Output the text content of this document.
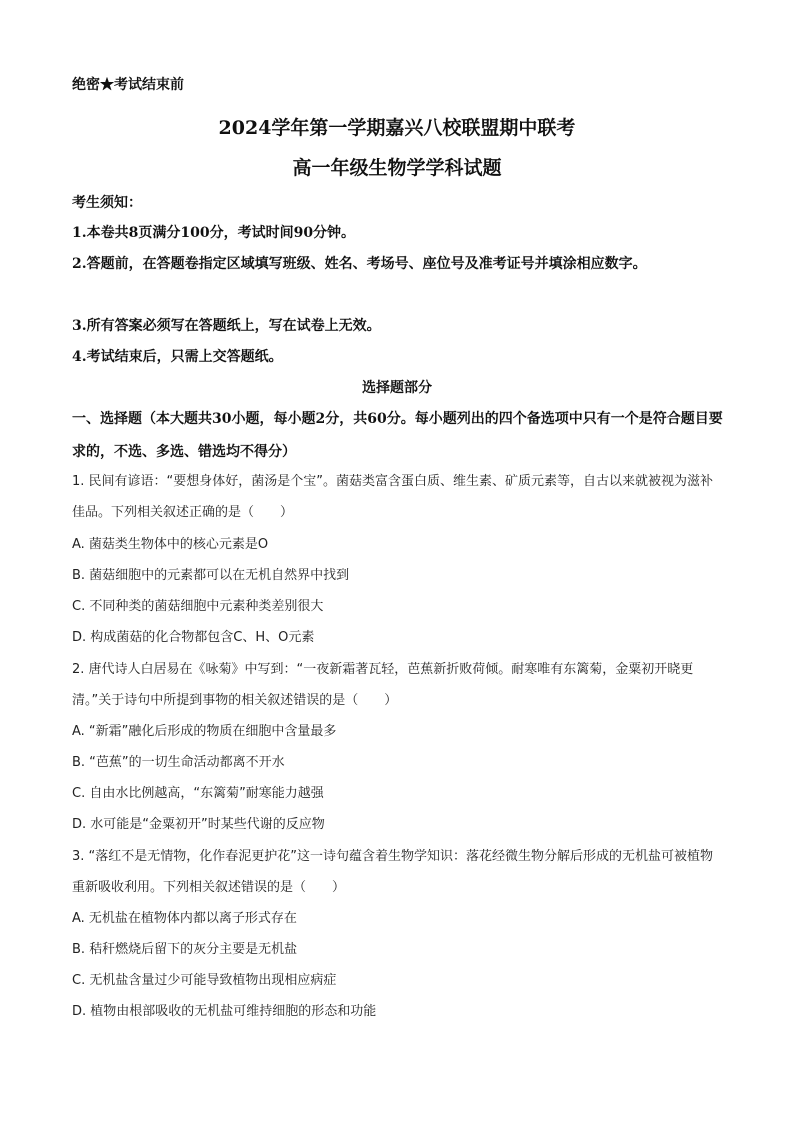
绝密★考试结束前
2024学年第一学期嘉兴八校联盟期中联考
高一年级生物学学科试题
考生须知：
1.本卷共8页满分100分，考试时间90分钟。
2.答题前，在答题卷指定区域填写班级、姓名、考场号、座位号及准考证号并填涂相应数字。
3.所有答案必须写在答题纸上，写在试卷上无效。
4.考试结束后，只需上交答题纸。
选择题部分
一、选择题（本大题共30小题，每小题2分，共60分。每小题列出的四个备选项中只有一个是符合题目要求的，不选、多选、错选均不得分）
1. 民间有谚语：“要想身体好，菌汤是个宝”。菌菇类富含蛋白质、维生素、矿质元素等，自古以来就被视为滋补佳品。下列相关叙述正确的是（　　）
A. 菌菇类生物体中的核心元素是O
B. 菌菇细胞中的元素都可以在无机自然界中找到
C. 不同种类的菌菇细胞中元素种类差别很大
D. 构成菌菇的化合物都包含C、H、O元素
2. 唐代诗人白居易在《咏菊》中写到：“一夜新霜著瓦轻，芭蕉新折败荷倾。耐寒唯有东篱菊，金粟初开晓更清。”关于诗句中所提到事物的相关叙述错误的是（　　）
A. “新霜”融化后形成的物质在细胞中含量最多
B. “芭蕉”的一切生命活动都离不开水
C. 自由水比例越高，“东篱菊”耐寒能力越强
D. 水可能是“金粟初开”时某些代谢的反应物
3. “落红不是无情物，化作春泥更护花”这一诗句蕴含着生物学知识：落花经微生物分解后形成的无机盐可被植物重新吸收利用。下列相关叙述错误的是（　　）
A. 无机盐在植物体内都以离子形式存在
B. 秸秆燃烧后留下的灰分主要是无机盐
C. 无机盐含量过少可能导致植物出现相应病症
D. 植物由根部吸收的无机盐可维持细胞的形态和功能
